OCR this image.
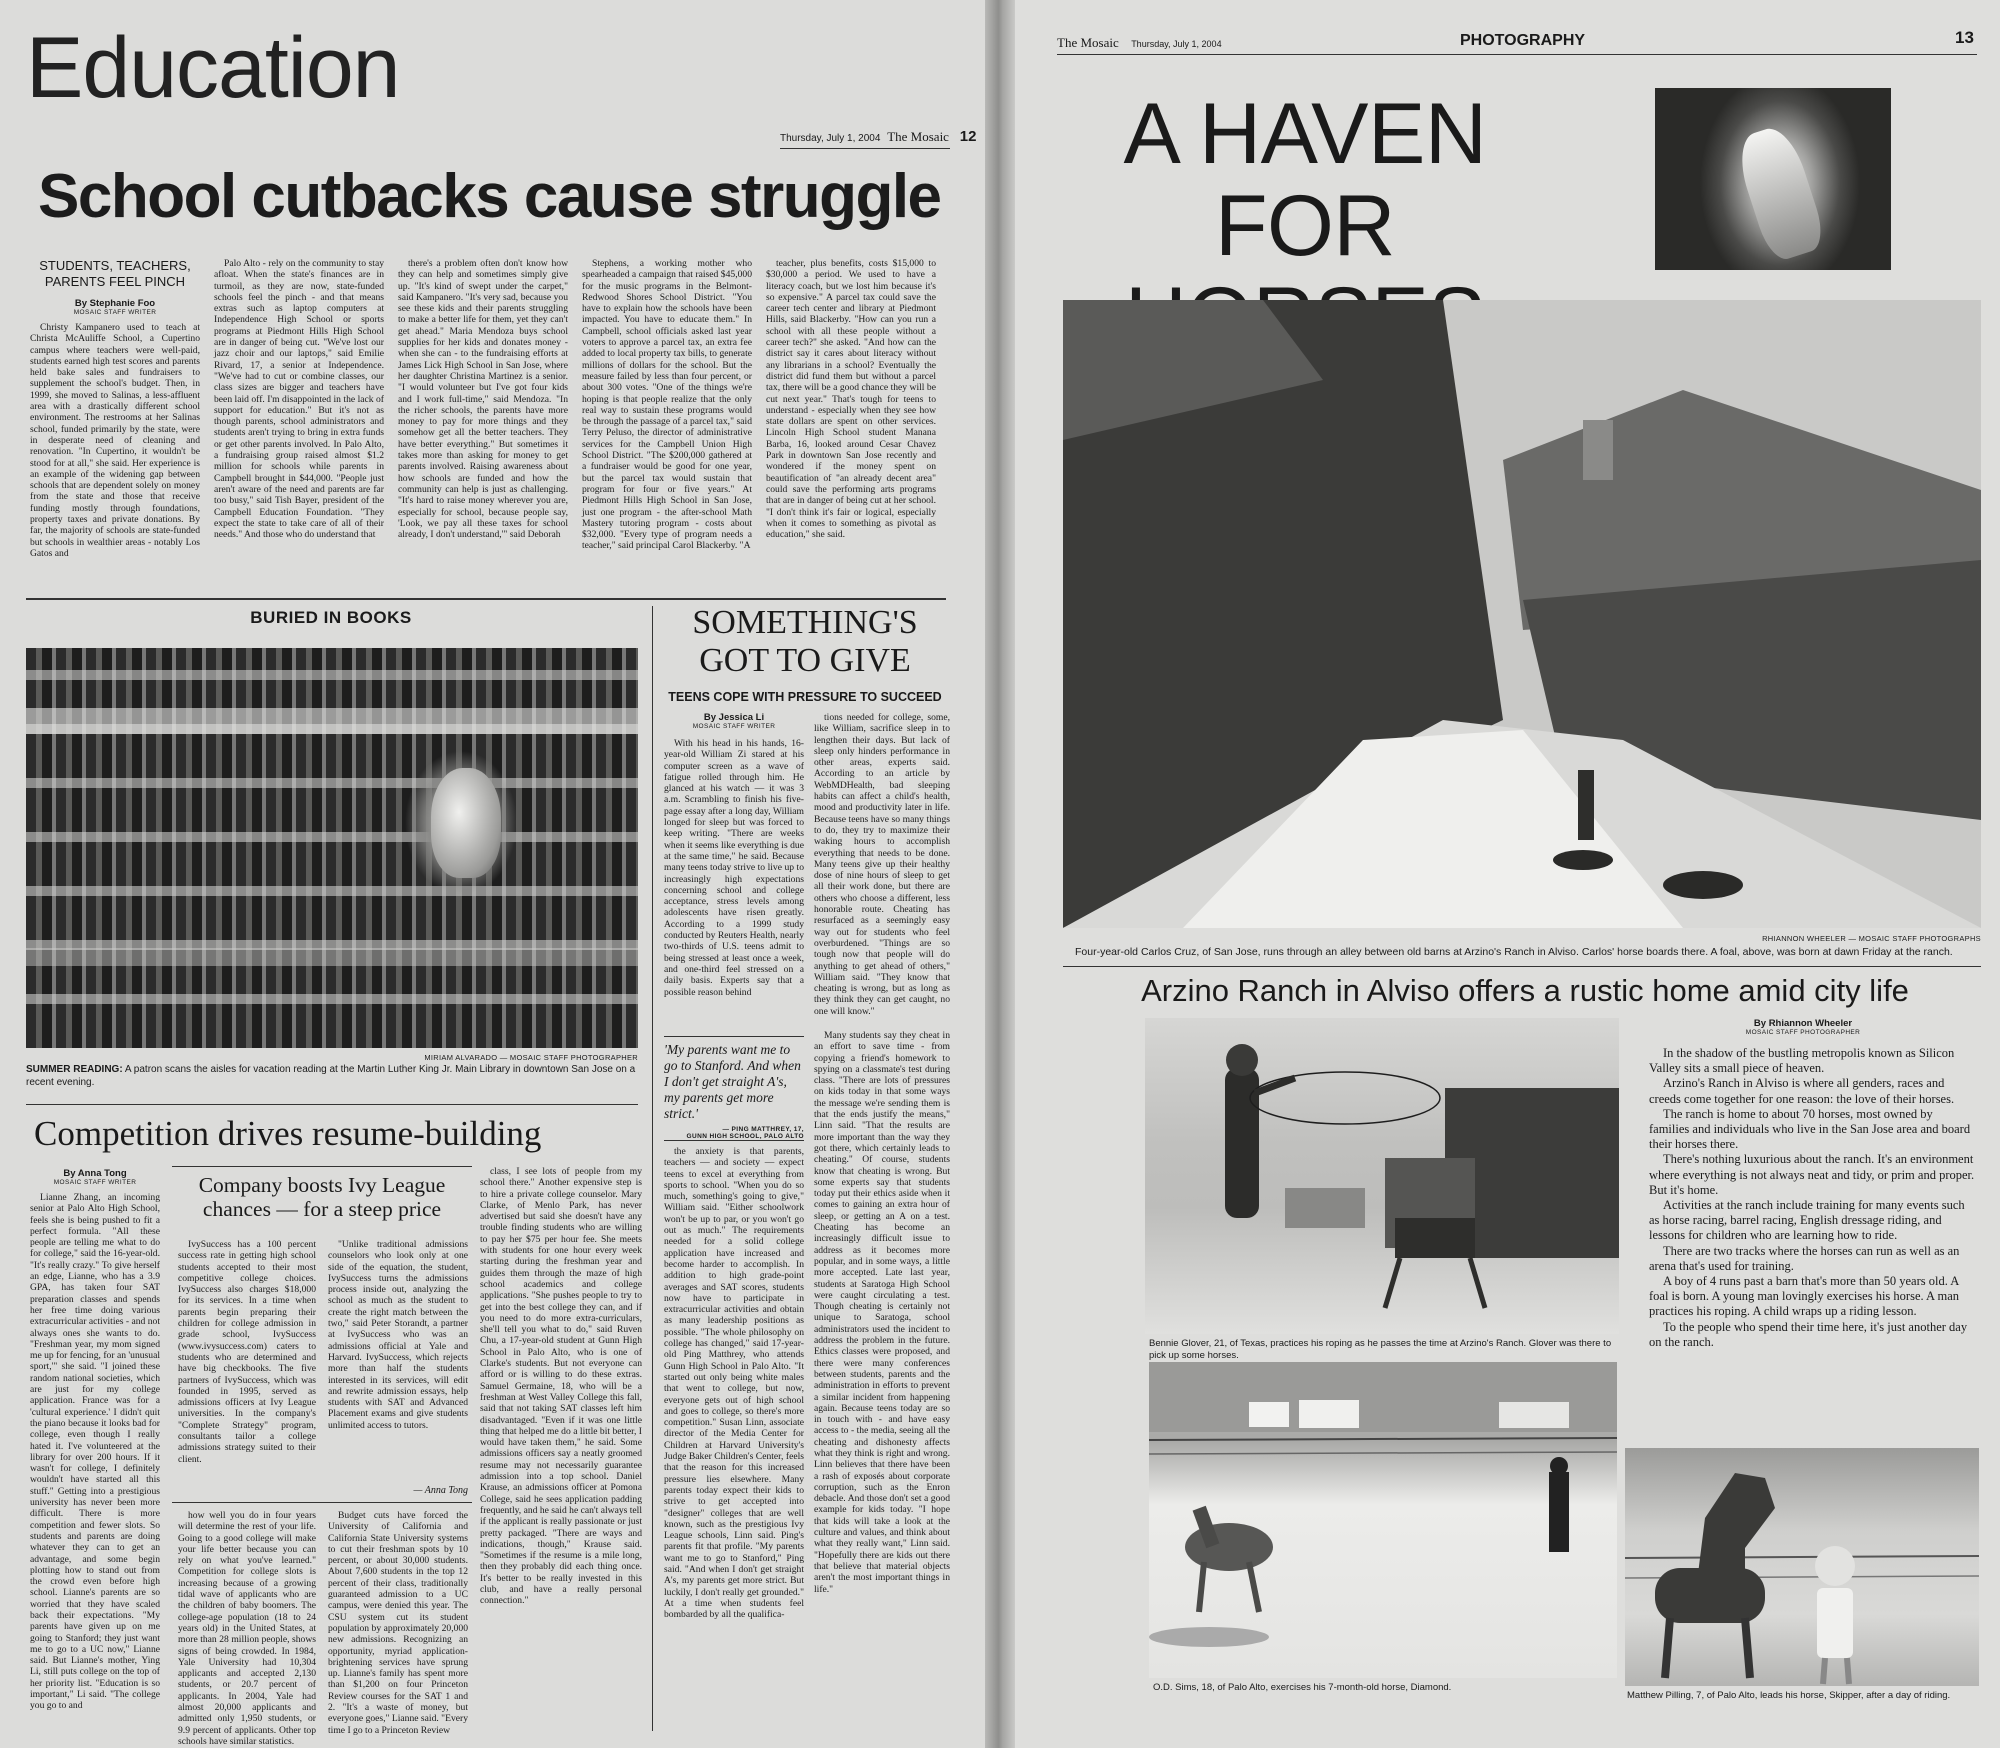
Education
Thursday, July 1, 2004 The Mosaic 12
School cutbacks cause struggle
STUDENTS, TEACHERS, PARENTS FEEL PINCH
By Stephanie Foo
MOSAIC STAFF WRITER

Christy Kampanero used to teach at Christa McAuliffe School, a Cupertino campus where teachers were well-paid, students earned high test scores and parents held bake sales and fundraisers to supplement the school's budget. Then, in 1999, she moved to Salinas, a less-affluent area with a drastically different school environment. The restrooms at her Salinas school, funded primarily by the state, were in desperate need of cleaning and renovation. "In Cupertino, it wouldn't be stood for at all," she said. Her experience is an example of the widening gap between schools that are dependent solely on money from the state and those that receive funding mostly through foundations, property taxes and private donations. By far, the majority of schools are state-funded but schools in wealthier areas - notably Los Gatos and

Palo Alto - rely on the community to stay afloat. When the state's finances are in turmoil, as they are now, state-funded schools feel the pinch - and that means extras such as laptop computers at Independence High School or sports programs at Piedmont Hills High School are in danger of being cut. "We've lost our jazz choir and our laptops," said Emilie Rivard, 17, a senior at Independence. "We've had to cut or combine classes, our class sizes are bigger and teachers have been laid off. I'm disappointed in the lack of support for education." But it's not as though parents, school administrators and students aren't trying to bring in extra funds or get other parents involved. In Palo Alto, a fundraising group raised almost $1.2 million for schools while parents in Campbell brought in $44,000. "People just aren't aware of the need and parents are far too busy," said Tish Bayer, president of the Campbell Education Foundation. "They expect the state to take care of all of their needs." And those who do understand that

there's a problem often don't know how they can help and sometimes simply give up. "It's kind of swept under the carpet," said Kampanero. "It's very sad, because you see these kids and their parents struggling to make a better life for them, yet they can't get ahead." Maria Mendoza buys school supplies for her kids and donates money - when she can - to the fundraising efforts at James Lick High School in San Jose, where her daughter Christina Martinez is a senior. "I would volunteer but I've got four kids and I work full-time," said Mendoza. "In the richer schools, the parents have more money to pay for more things and they somehow get all the better teachers. They have better everything." But sometimes it takes more than asking for money to get parents involved. Raising awareness about how schools are funded and how the community can help is just as challenging. "It's hard to raise money wherever you are, especially for school, because people say, 'Look, we pay all these taxes for school already, I don't understand,'" said Deborah

Stephens, a working mother who spearheaded a campaign that raised $45,000 for the music programs in the Belmont-Redwood Shores School District. "You have to explain how the schools have been impacted. You have to educate them." In Campbell, school officials asked last year voters to approve a parcel tax, an extra fee added to local property tax bills, to generate millions of dollars for the school. But the measure failed by less than four percent, or about 300 votes. "One of the things we're hoping is that people realize that the only real way to sustain these programs would be through the passage of a parcel tax," said Terry Peluso, the director of administrative services for the Campbell Union High School District. "The $200,000 gathered at a fundraiser would be good for one year, but the parcel tax would sustain that program for four or five years." At Piedmont Hills High School in San Jose, just one program - the after-school Math Mastery tutoring program - costs about $32,000. "Every type of program needs a teacher," said principal Carol Blackerby. "A

teacher, plus benefits, costs $15,000 to $30,000 a period. We used to have a literacy coach, but we lost him because it's so expensive." A parcel tax could save the career tech center and library at Piedmont Hills, said Blackerby. "How can you run a school with all these people without a career tech?" she asked. "And how can the district say it cares about literacy without any librarians in a school? Eventually the district did fund them but without a parcel tax, there will be a good chance they will be cut next year." That's tough for teens to understand - especially when they see how state dollars are spent on other services. Lincoln High School student Manana Barba, 16, looked around Cesar Chavez Park in downtown San Jose recently and wondered if the money spent on beautification of "an already decent area" could save the performing arts programs that are in danger of being cut at her school. "I don't think it's fair or logical, especially when it comes to something as pivotal as education," she said.

BURIED IN BOOKS
MIRIAM ALVARADO — MOSAIC STAFF PHOTOGRAPHER
SUMMER READING: A patron scans the aisles for vacation reading at the Martin Luther King Jr. Main Library in downtown San Jose on a recent evening.
SOMETHING'S
GOT TO GIVE
TEENS COPE WITH PRESSURE TO SUCCEED
By Jessica Li
MOSAIC STAFF WRITER

With his head in his hands, 16-year-old William Zi stared at his computer screen as a wave of fatigue rolled through him. He glanced at his watch — it was 3 a.m. Scrambling to finish his five-page essay after a long day, William longed for sleep but was forced to keep writing. "There are weeks when it seems like everything is due at the same time," he said. Because many teens today strive to live up to increasingly high expectations concerning school and college acceptance, stress levels among adolescents have risen greatly. According to a 1999 study conducted by Reuters Health, nearly two-thirds of U.S. teens admit to being stressed at least once a week, and one-third feel stressed on a daily basis. Experts say that a possible reason behind

tions needed for college, some, like William, sacrifice sleep in to lengthen their days. But lack of sleep only hinders performance in other areas, experts said. According to an article by WebMDHealth, bad sleeping habits can affect a child's health, mood and productivity later in life. Because teens have so many things to do, they try to maximize their waking hours to accomplish everything that needs to be done. Many teens give up their healthy dose of nine hours of sleep to get all their work done, but there are others who choose a different, less honorable route. Cheating has resurfaced as a seemingly easy way out for students who feel overburdened. "Things are so tough now that people will do anything to get ahead of others," William said. "They know that cheating is wrong, but as long as they think they can get caught, no one will know."

'My parents want me to go to Stanford. And when I don't get straight A's, my parents get more strict.'
— PING MATTHREY, 17,
GUNN HIGH SCHOOL, PALO ALTO

the anxiety is that parents, teachers — and society — expect teens to excel at everything from sports to school. "When you do so much, something's going to give," William said. "Either schoolwork won't be up to par, or you won't go out as much." The requirements needed for a solid college application have increased and become harder to accomplish. In addition to high grade-point averages and SAT scores, students now have to participate in extracurricular activities and obtain as many leadership positions as possible. "The whole philosophy on college has changed," said 17-year-old Ping Matthrey, who attends Gunn High School in Palo Alto. "It started out only being white males that went to college, but now, everyone gets out of high school and goes to college, so there's more competition." Susan Linn, associate director of the Media Center for Children at Harvard University's Judge Baker Children's Center, feels that the reason for this increased pressure lies elsewhere. Many parents today expect their kids to strive to get accepted into "designer" colleges that are well known, such as the prestigious Ivy League schools, Linn said. Ping's parents fit that profile. "My parents want me to go to Stanford," Ping said. "And when I don't get straight A's, my parents get more strict. But luckily, I don't really get grounded." At a time when students feel bombarded by all the qualifica-

Many students say they cheat in an effort to save time - from copying a friend's homework to spying on a classmate's test during class. "There are lots of pressures on kids today in that some ways the message we're sending them is that the ends justify the means," Linn said. "That the results are more important than the way they got there, which certainly leads to cheating." Of course, students know that cheating is wrong. But some experts say that students today put their ethics aside when it comes to gaining an extra hour of sleep, or getting an A on a test. Cheating has become an increasingly difficult issue to address as it becomes more popular, and in some ways, a little more accepted. Late last year, students at Saratoga High School were caught circulating a test. Though cheating is certainly not unique to Saratoga, school administrators used the incident to address the problem in the future. Ethics classes were proposed, and there were many conferences between students, parents and the administration in efforts to prevent a similar incident from happening again. Because teens today are so in touch with - and have easy access to - the media, seeing all the cheating and dishonesty affects what they think is right and wrong. Linn believes that there have been a rash of exposés about corporate corruption, such as the Enron debacle. And those don't set a good example for kids today. "I hope that kids will take a look at the culture and values, and think about what they really want," Linn said. "Hopefully there are kids out there that believe that material objects aren't the most important things in life."

Competition drives resume-building
By Anna Tong
MOSAIC STAFF WRITER

Lianne Zhang, an incoming senior at Palo Alto High School, feels she is being pushed to fit a perfect formula. "All these people are telling me what to do for college," said the 16-year-old. "It's really crazy." To give herself an edge, Lianne, who has a 3.9 GPA, has taken four SAT preparation classes and spends her free time doing various extracurricular activities - and not always ones she wants to do. "Freshman year, my mom signed me up for fencing, for an 'unusual sport,'" she said. "I joined these random national societies, which are just for my college application. France was for a 'cultural experience.' I didn't quit the piano because it looks bad for college, even though I really hated it. I've volunteered at the library for over 200 hours. If it wasn't for college, I definitely wouldn't have started all this stuff." Getting into a prestigious university has never been more difficult. There is more competition and fewer slots. So students and parents are doing whatever they can to get an advantage, and some begin plotting how to stand out from the crowd even before high school. Lianne's parents are so worried that they have scaled back their expectations. "My parents have given up on me going to Stanford; they just want me to go to a UC now," Lianne said. But Lianne's mother, Ying Li, still puts college on the top of her priority list. "Education is so important," Li said. "The college you go to and

Company boosts Ivy League chances — for a steep price

IvySuccess has a 100 percent success rate in getting high school students accepted to their most competitive college choices. IvySuccess also charges $18,000 for its services. In a time when parents begin preparing their children for college admission in grade school, IvySuccess (www.ivysuccess.com) caters to students who are determined and have big checkbooks. The five partners of IvySuccess, which was founded in 1995, served as admissions officers at Ivy League universities. In the company's "Complete Strategy" program, consultants tailor a college admissions strategy suited to their client.

"Unlike traditional admissions counselors who look only at one side of the equation, the student, IvySuccess turns the admissions process inside out, analyzing the school as much as the student to create the right match between the two," said Peter Storandt, a partner at IvySuccess who was an admissions official at Yale and Harvard. IvySuccess, which rejects more than half the students interested in its services, will edit and rewrite admission essays, help students with SAT and Advanced Placement exams and give students unlimited access to tutors.

— Anna Tong

how well you do in four years will determine the rest of your life. Going to a good college will make your life better because you can rely on what you've learned." Competition for college slots is increasing because of a growing tidal wave of applicants who are the children of baby boomers. The college-age population (18 to 24 years old) in the United States, at more than 28 million people, shows signs of being crowded. In 1984, Yale University had 10,304 applicants and accepted 2,130 students, or 20.7 percent of applicants. In 2004, Yale had almost 20,000 applicants and admitted only 1,950 students, or 9.9 percent of applicants. Other top schools have similar statistics.

Budget cuts have forced the University of California and California State University systems to cut their freshman spots by 10 percent, or about 30,000 students. About 7,600 students in the top 12 percent of their class, traditionally guaranteed admission to a UC campus, were denied this year. The CSU system cut its student population by approximately 20,000 new admissions. Recognizing an opportunity, myriad application-brightening services have sprung up. Lianne's family has spent more than $1,200 on four Princeton Review courses for the SAT 1 and 2. "It's a waste of money, but everyone goes," Lianne said. "Every time I go to a Princeton Review

class, I see lots of people from my school there." Another expensive step is to hire a private college counselor. Mary Clarke, of Menlo Park, has never advertised but said she doesn't have any trouble finding students who are willing to pay her $75 per hour fee. She meets with students for one hour every week starting during the freshman year and guides them through the maze of high school academics and college applications. "She pushes people to try to get into the best college they can, and if you need to do more extra-curriculars, she'll tell you what to do," said Ruven Chu, a 17-year-old student at Gunn High School in Palo Alto, who is one of Clarke's students. But not everyone can afford or is willing to do these extras. Samuel Germaine, 18, who will be a freshman at West Valley College this fall, said that not taking SAT classes left him disadvantaged. "Even if it was one little thing that helped me do a little bit better, I would have taken them," he said. Some admissions officers say a neatly groomed resume may not necessarily guarantee admission into a top school. Daniel Krause, an admissions officer at Pomona College, said he sees application padding frequently, and he said he can't always tell if the applicant is really passionate or just pretty packaged. "There are ways and indications, though," Krause said. "Sometimes if the resume is a mile long, then they probably did each thing once. It's better to be really invested in this club, and have a really personal connection."

The Mosaic Thursday, July 1, 2004	PHOTOGRAPHY	13
A HAVEN
FOR
RHIANNON WHEELER — MOSAIC STAFF PHOTOGRAPHS
Four-year-old Carlos Cruz, of San Jose, runs through an alley between old barns at Arzino's Ranch in Alviso. Carlos' horse boards there. A foal, above, was born at dawn Friday at the ranch.
Arzino Ranch in Alviso offers a rustic home amid city life
Bennie Glover, 21, of Texas, practices his roping as he passes the time at Arzino's Ranch. Glover was there to pick up some horses.
O.D. Sims, 18, of Palo Alto, exercises his 7-month-old horse, Diamond.
By Rhiannon Wheeler
MOSAIC STAFF PHOTOGRAPHER

In the shadow of the bustling metropolis known as Silicon Valley sits a small piece of heaven.

Arzino's Ranch in Alviso is where all genders, races and creeds come together for one reason: the love of their horses.

The ranch is home to about 70 horses, most owned by families and individuals who live in the San Jose area and board their horses there.

There's nothing luxurious about the ranch. It's an environment where everything is not always neat and tidy, or prim and proper. But it's home.

Activities at the ranch include training for many events such as horse racing, barrel racing, English dressage riding, and lessons for children who are learning how to ride.

There are two tracks where the horses can run as well as an arena that's used for training.

A boy of 4 runs past a barn that's more than 50 years old. A foal is born. A young man lovingly exercises his horse. A man practices his roping. A child wraps up a riding lesson.

To the people who spend their time here, it's just another day on the ranch.

Matthew Pilling, 7, of Palo Alto, leads his horse, Skipper, after a day of riding.
